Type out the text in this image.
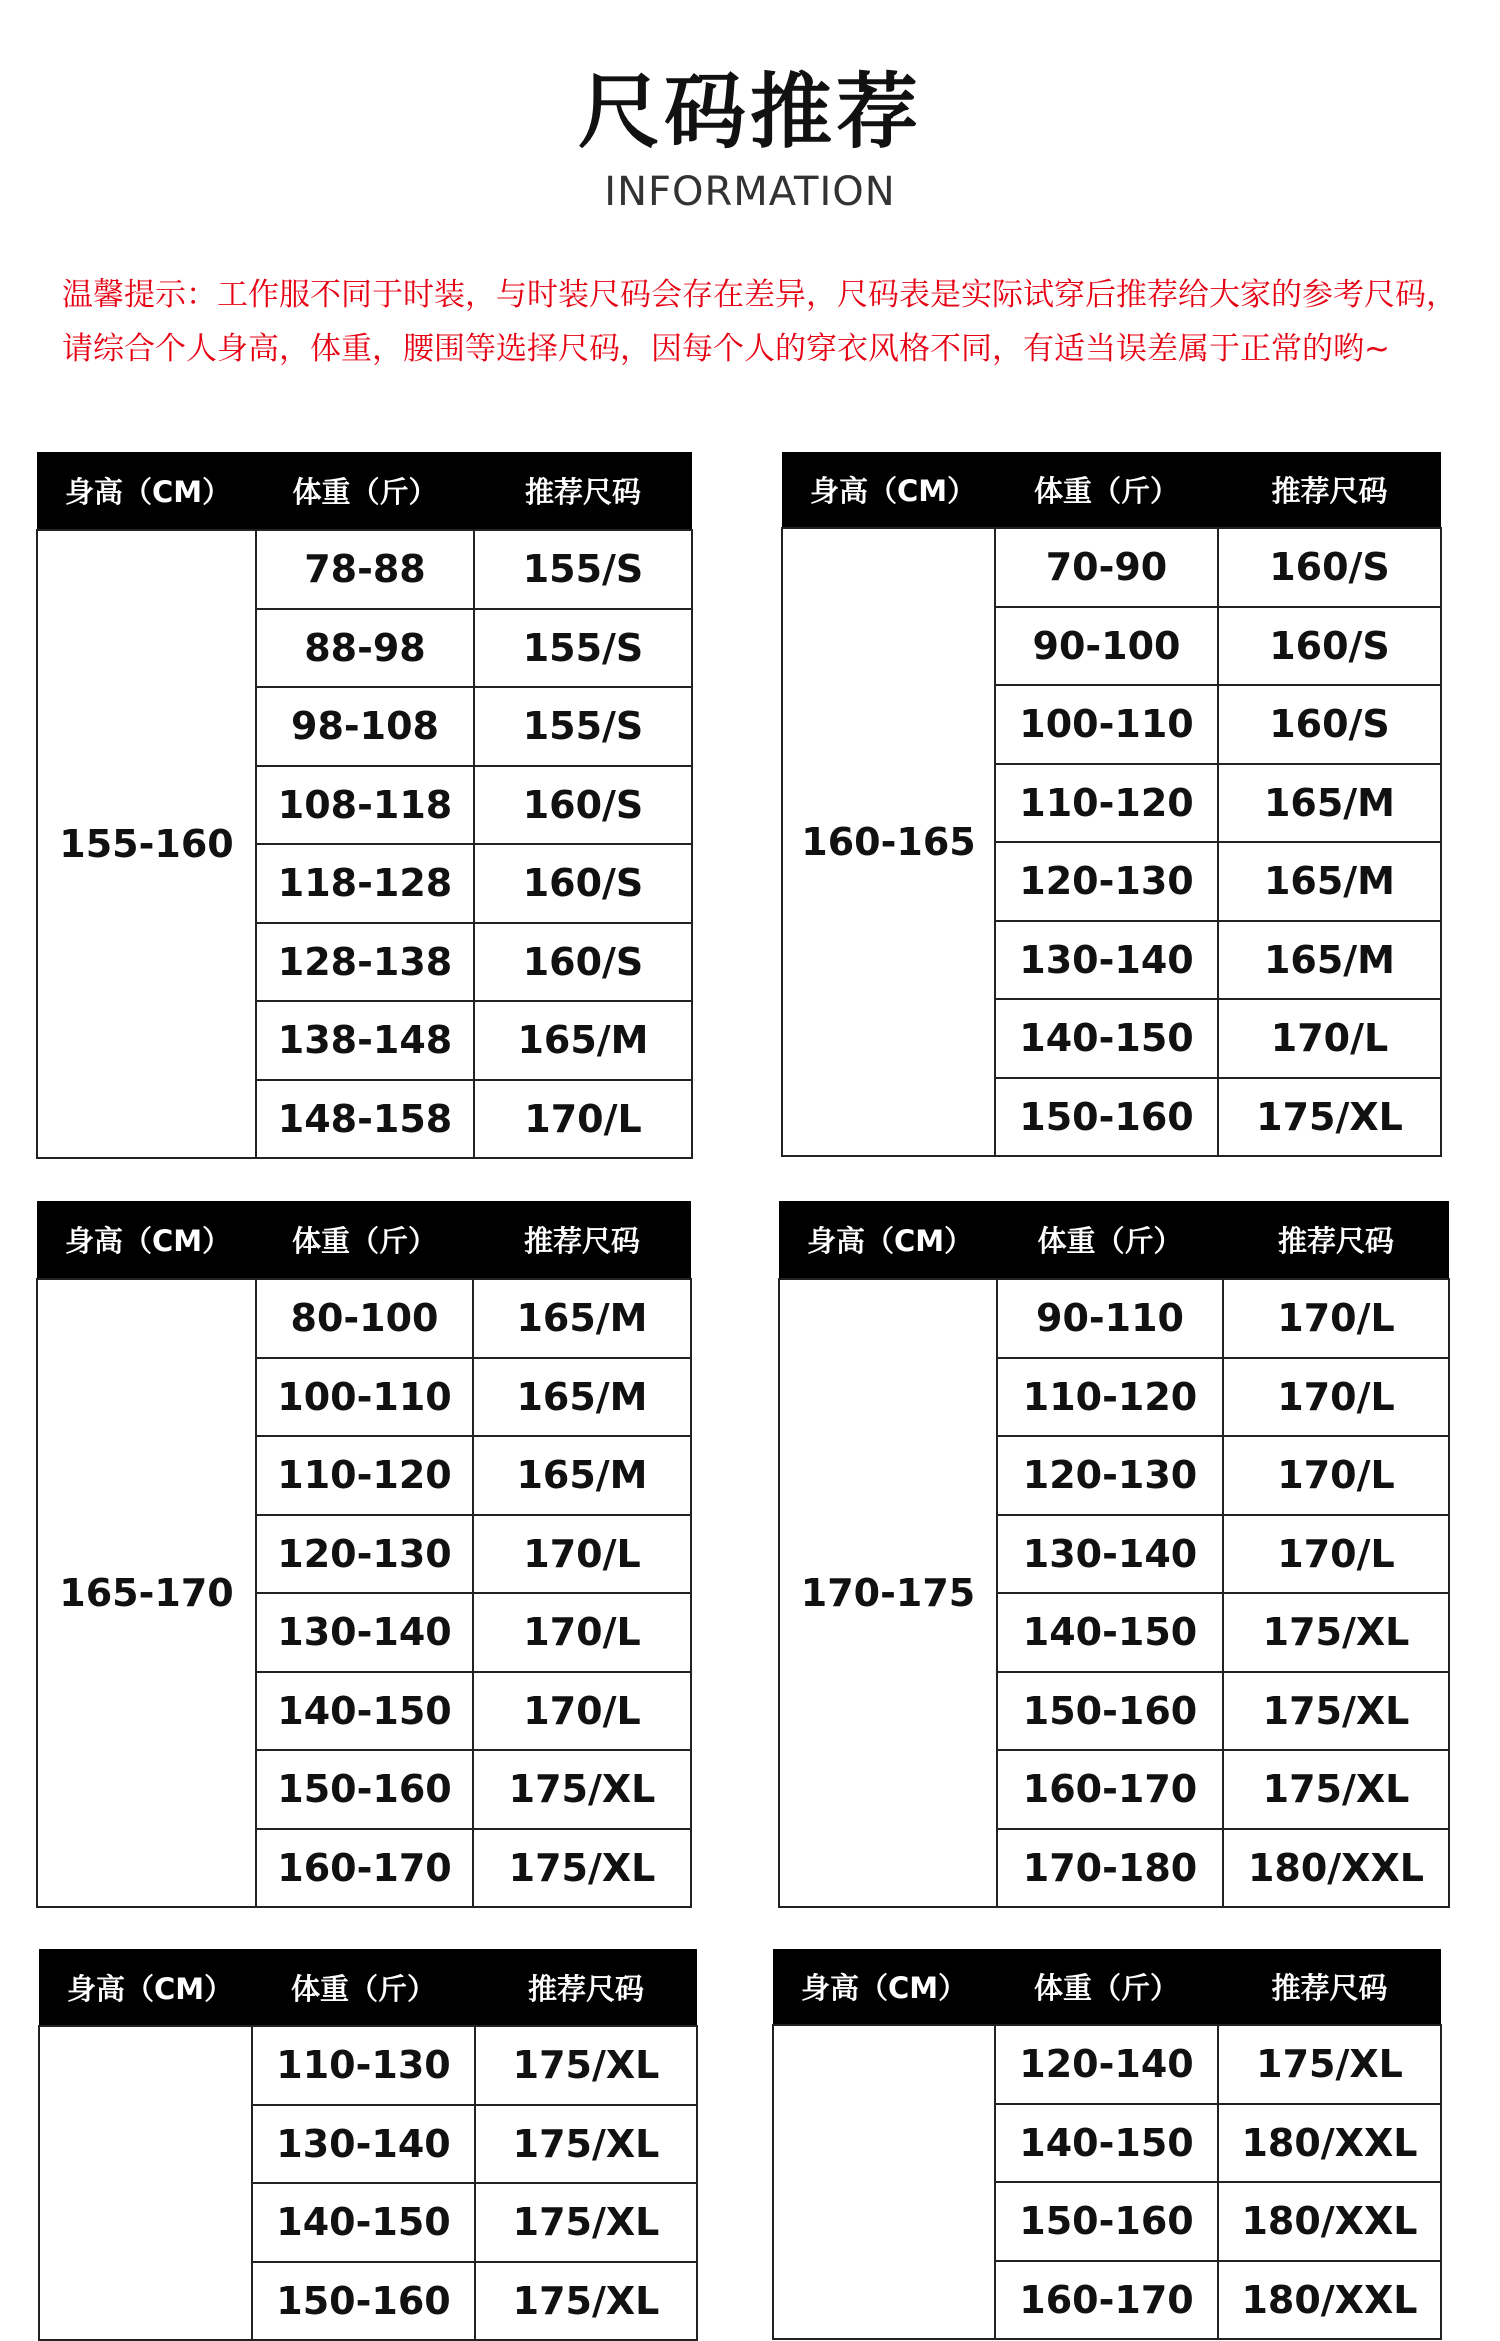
尺码推荐
INFORMATION
温馨提示：工作服不同于时装，与时装尺码会存在差异，尺码表是实际试穿后推荐给大家的参考尺码，请综合个人身高，体重，腰围等选择尺码，因每个人的穿衣风格不同，有适当误差属于正常的哟~
身高（CM）	体重（斤）	推荐尺码
155-160	78-88	155/S
	88-98	155/S
	98-108	155/S
	108-118	160/S
	118-128	160/S
	128-138	160/S
	138-148	165/M
	148-158	170/L
身高（CM）	体重（斤）	推荐尺码
160-165	70-90	160/S
	90-100	160/S
	100-110	160/S
	110-120	165/M
	120-130	165/M
	130-140	165/M
	140-150	170/L
	150-160	175/XL
身高（CM）	体重（斤）	推荐尺码
165-170	80-100	165/M
	100-110	165/M
	110-120	165/M
	120-130	170/L
	130-140	170/L
	140-150	170/L
	150-160	175/XL
	160-170	175/XL
身高（CM）	体重（斤）	推荐尺码
170-175	90-110	170/L
	110-120	170/L
	120-130	170/L
	130-140	170/L
	140-150	175/XL
	150-160	175/XL
	160-170	175/XL
	170-180	180/XXL
身高（CM）	体重（斤）	推荐尺码
	110-130	175/XL
	130-140	175/XL
	140-150	175/XL
	150-160	175/XL
身高（CM）	体重（斤）	推荐尺码
	120-140	175/XL
	140-150	180/XXL
	150-160	180/XXL
	160-170	180/XXL
